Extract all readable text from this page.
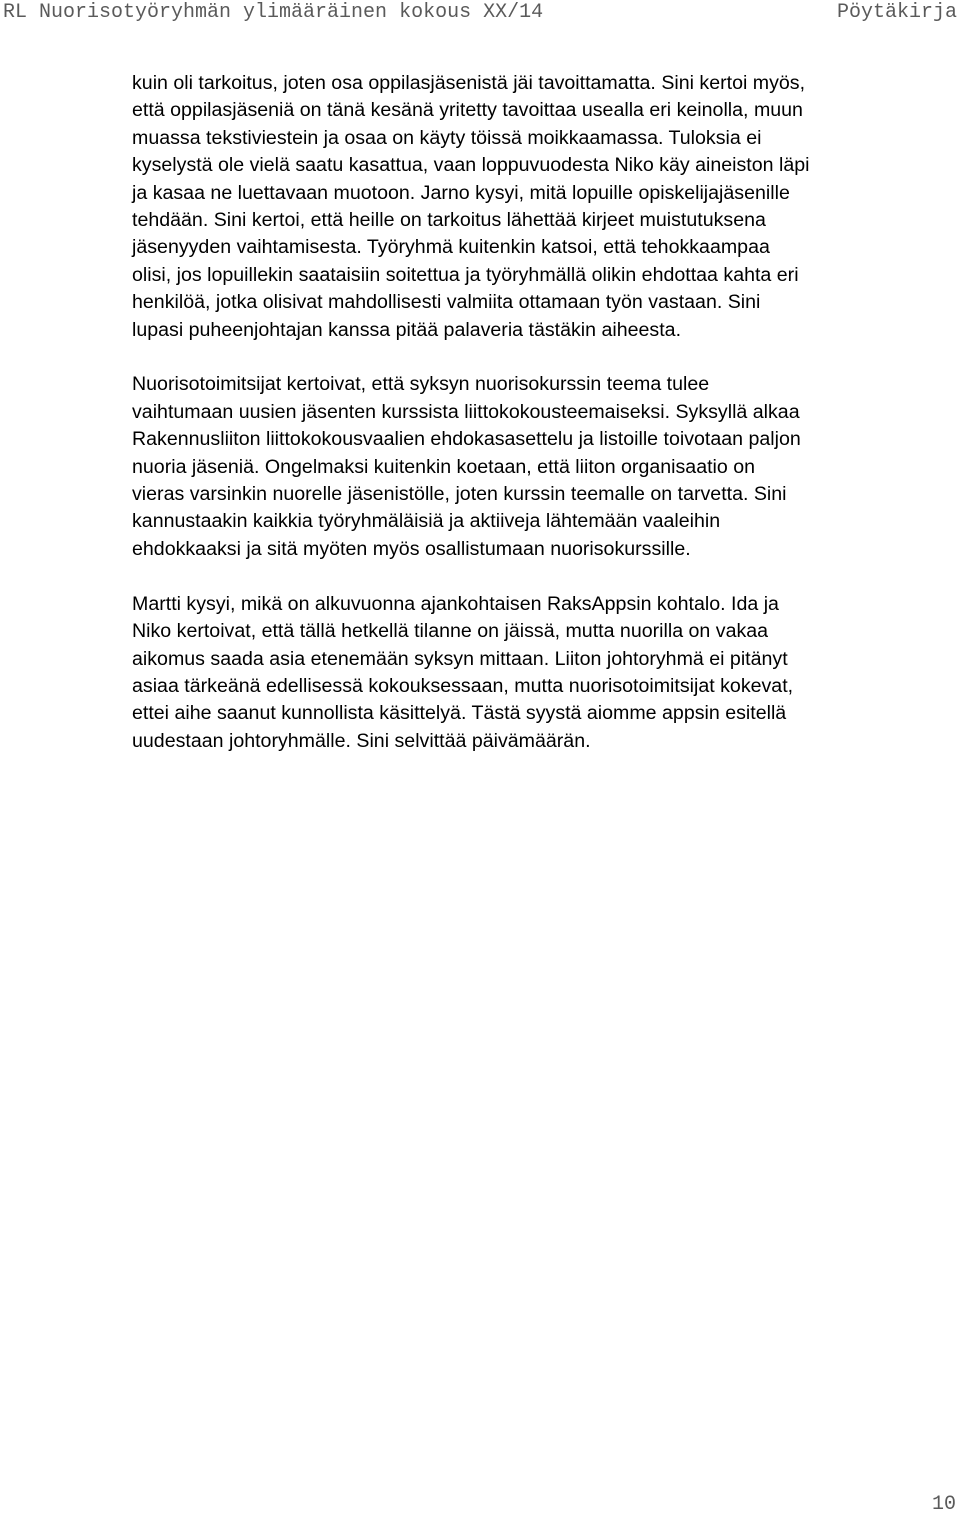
RL Nuorisotyöryhmän ylimääräinen kokous XX/14	Pöytäkirja

kuin oli tarkoitus, joten osa oppilasjäsenistä jäi tavoittamatta. Sini kertoi myös,
että oppilasjäseniä on tänä kesänä yritetty tavoittaa usealla eri keinolla, muun
muassa tekstiviestein ja osaa on käyty töissä moikkaamassa. Tuloksia ei
kyselystä ole vielä saatu kasattua, vaan loppuvuodesta Niko käy aineiston läpi
ja kasaa ne luettavaan muotoon. Jarno kysyi, mitä lopuille opiskelijajäsenille
tehdään. Sini kertoi, että heille on tarkoitus lähettää kirjeet muistutuksena
jäsenyyden vaihtamisesta. Työryhmä kuitenkin katsoi, että tehokkaampaa
olisi, jos lopuillekin saataisiin soitettua ja työryhmällä olikin ehdottaa kahta eri
henkilöä, jotka olisivat mahdollisesti valmiita ottamaan työn vastaan. Sini
lupasi puheenjohtajan kanssa pitää palaveria tästäkin aiheesta.

Nuorisotoimitsijat kertoivat, että syksyn nuorisokurssin teema tulee
vaihtumaan uusien jäsenten kurssista liittokokousteemaiseksi. Syksyllä alkaa
Rakennusliiton liittokokousvaalien ehdokasasettelu ja listoille toivotaan paljon
nuoria jäseniä. Ongelmaksi kuitenkin koetaan, että liiton organisaatio on
vieras varsinkin nuorelle jäsenistölle, joten kurssin teemalle on tarvetta. Sini
kannustaakin kaikkia työryhmäläisiä ja aktiiveja lähtemään vaaleihin
ehdokkaaksi ja sitä myöten myös osallistumaan nuorisokurssille.

Martti kysyi, mikä on alkuvuonna ajankohtaisen RaksAppsin kohtalo. Ida ja
Niko kertoivat, että tällä hetkellä tilanne on jäissä, mutta nuorilla on vakaa
aikomus saada asia etenemään syksyn mittaan. Liiton johtoryhmä ei pitänyt
asiaa tärkeänä edellisessä kokouksessaan, mutta nuorisotoimitsijat kokevat,
ettei aihe saanut kunnollista käsittelyä. Tästä syystä aiomme appsin esitellä
uudestaan johtoryhmälle. Sini selvittää päivämäärän.

10
